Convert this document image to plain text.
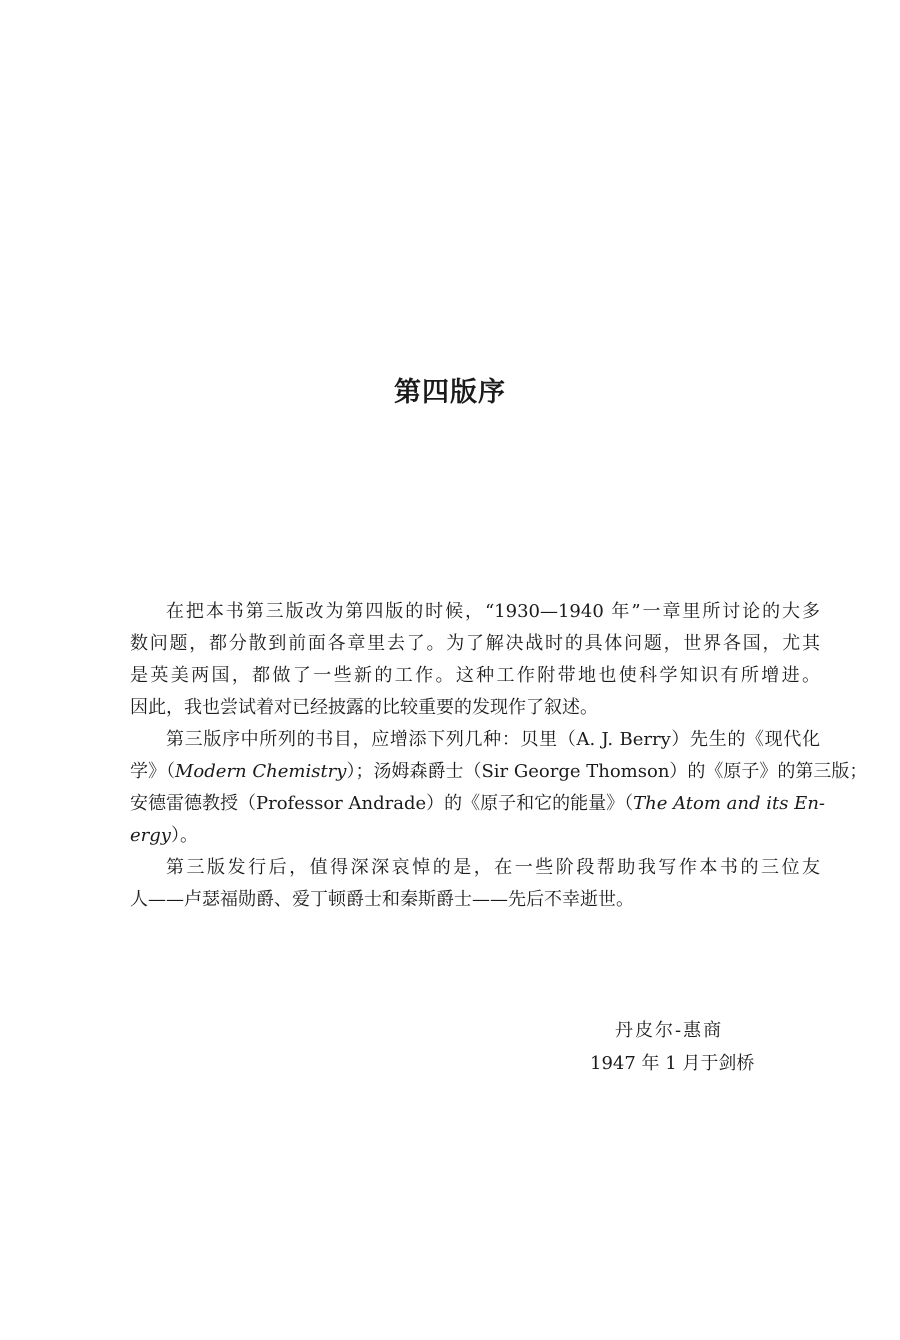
第四版序
在把本书第三版改为第四版的时候，“1930—1940 年”一章里所讨论的大多
数问题，都分散到前面各章里去了。为了解决战时的具体问题，世界各国，尤其
是英美两国，都做了一些新的工作。这种工作附带地也使科学知识有所增进。
因此，我也尝试着对已经披露的比较重要的发现作了叙述。
第三版序中所列的书目，应增添下列几种：贝里（A. J. Berry）先生的《现代化
学》（Modern Chemistry）；汤姆森爵士（Sir George Thomson）的《原子》的第三版；
安德雷德教授（Professor Andrade）的《原子和它的能量》（The Atom and its En-
ergy）。
第三版发行后，值得深深哀悼的是，在一些阶段帮助我写作本书的三位友
人——卢瑟福勋爵、爱丁顿爵士和秦斯爵士——先后不幸逝世。
丹皮尔-惠商
1947 年 1 月于剑桥
